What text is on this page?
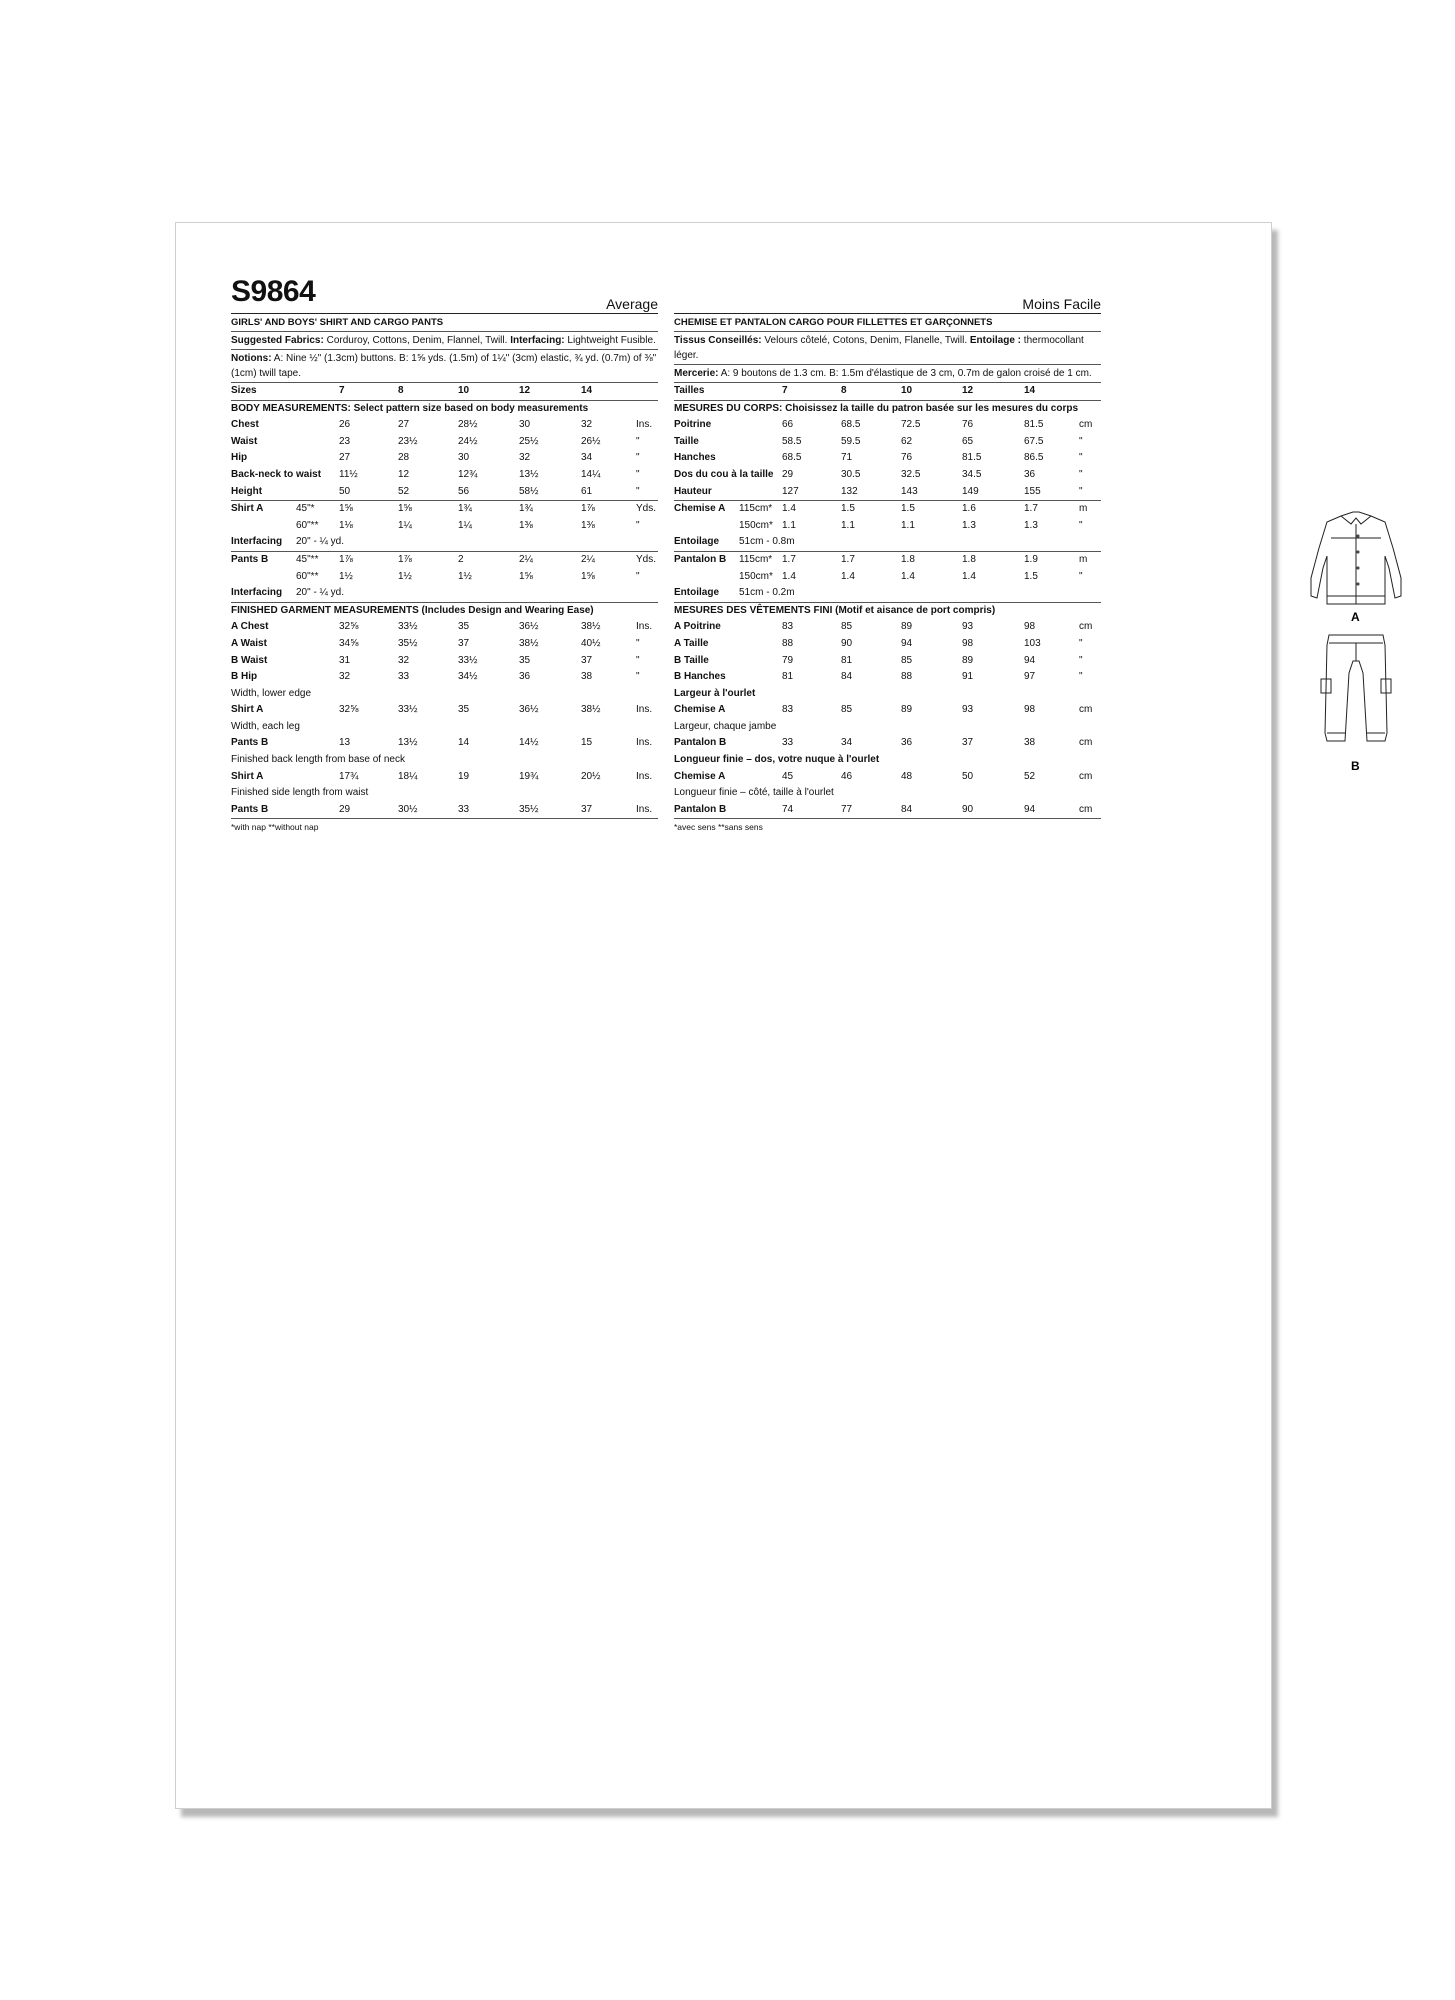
S9864	Average
GIRLS' AND BOYS' SHIRT AND CARGO PANTS
Suggested Fabrics: Corduroy, Cottons, Denim, Flannel, Twill. Interfacing: Lightweight Fusible.
Notions: A: Nine ½" (1.3cm) buttons. B: 1⅝ yds. (1.5m) of 1¼" (3cm) elastic, ¾ yd. (0.7m) of ⅜" (1cm) twill tape.
Sizes	7	8	10	12	14
BODY MEASUREMENTS: Select pattern size based on body measurements
Chest	26	27	28½	30	32	Ins.
Waist	23	23½	24½	25½	26½	"
Hip	27	28	30	32	34	"
Back-neck to waist 11½	12	12¾	13½	14¼	"
Height	50	52	56	58½	61	"
Shirt A	45"* 1⅝	1⅝	1¾	1¾	1⅞	Yds.
60"** 1⅛	1¼	1¼	1⅜	1⅜	"
Interfacing 20" - ¼ yd.
Pants B	45"** 1⅞	1⅞	2	2¼	2¼	Yds.
60"** 1½	1½	1½	1⅝	1⅝	"
Interfacing 20" - ¼ yd.
FINISHED GARMENT MEASUREMENTS (Includes Design and Wearing Ease)
A Chest	32⅝	33½	35	36½	38½	Ins.
A Waist	34⅝	35½	37	38½	40½	"
B Waist	31	32	33½	35	37	"
B Hip	32	33	34½	36	38	"
Width, lower edge
Shirt A	32⅝	33½	35	36½	38½	Ins.
Width, each leg
Pants B	13	13½	14	14½	15	Ins.
Finished back length from base of neck
Shirt A	17¾	18¼	19	19¾	20½	Ins.
Finished side length from waist
Pants B	29	30½	33	35½	37	Ins.
*with nap **without nap
Moins Facile
CHEMISE ET PANTALON CARGO POUR FILLETTES ET GARÇONNETS
Tissus Conseillés: Velours côtelé, Cotons, Denim, Flanelle, Twill. Entoilage : thermocollant léger.
Mercerie: A: 9 boutons de 1.3 cm. B: 1.5m d'élastique de 3 cm, 0.7m de galon croisé de 1 cm.
Tailles	7	8	10	12	14
MESURES DU CORPS: Choisissez la taille du patron basée sur les mesures du corps
Poitrine	66	68.5	72.5	76	81.5	cm
Taille	58.5	59.5	62	65	67.5	"
Hanches	68.5	71	76	81.5	86.5	"
Dos du cou à la taille 29	30.5	32.5	34.5	36	"
Hauteur	127	132	143	149	155	"
Chemise A 115cm* 1.4	1.5	1.5	1.6	1.7	m
150cm* 1.1	1.1	1.1	1.3	1.3	"
Entoilage 51cm - 0.8m
Pantalon B 115cm* 1.7	1.7	1.8	1.8	1.9	m
150cm* 1.4	1.4	1.4	1.4	1.5	"
Entoilage 51cm - 0.2m
MESURES DES VÊTEMENTS FINI (Motif et aisance de port compris)
A Poitrine	83	85	89	93	98	cm
A Taille	88	90	94	98	103	"
B Taille	79	81	85	89	94	"
B Hanches	81	84	88	91	97	"
Largeur à l'ourlet
Chemise A	83	85	89	93	98	cm
Largeur, chaque jambe
Pantalon B	33	34	36	37	38	cm
Longueur finie – dos, votre nuque à l'ourlet
Chemise A	45	46	48	50	52	cm
Longueur finie – côté, taille à l'ourlet
Pantalon B	74	77	84	90	94	cm
*avec sens **sans sens
A
B
